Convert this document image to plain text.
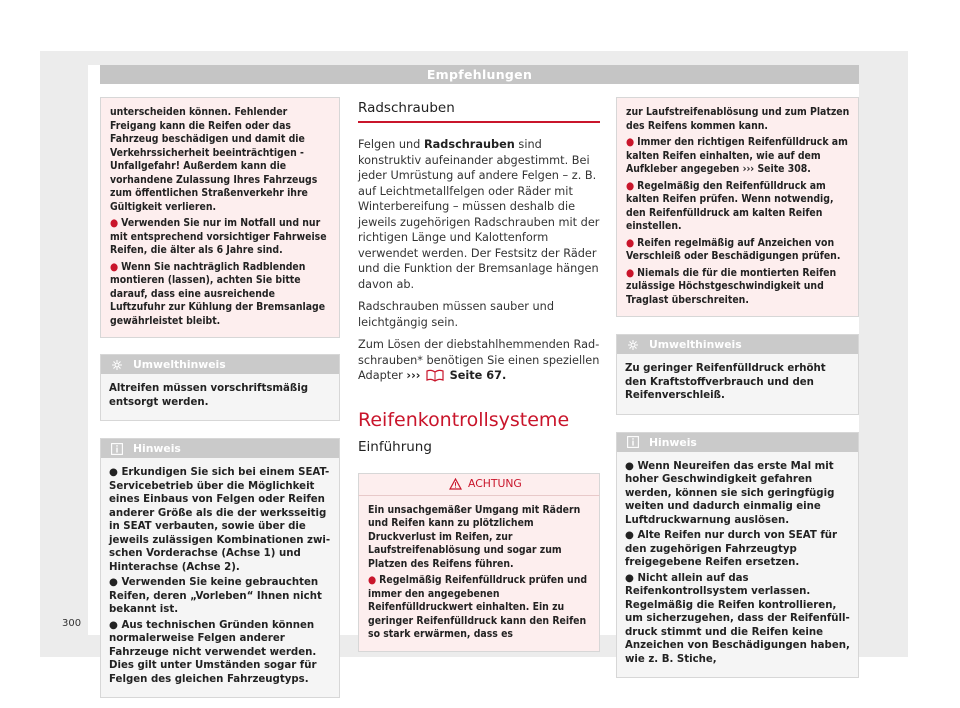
Empfehlungen

unterscheiden können. Fehlender Freigang kann die Reifen oder das Fahrzeug beschädigen und damit die Verkehrssicherheit beeinträchtigen - Unfallgefahr! Außerdem kann die vorhandene Zulassung Ihres Fahrzeugs zum öffentlichen Straßenverkehr ihre Gültigkeit verlieren.

● Verwenden Sie nur im Notfall und nur mit entsprechend vorsichtiger Fahrweise Reifen, die älter als 6 Jahre sind.

● Wenn Sie nachträglich Radblenden montieren (lassen), achten Sie bitte darauf, dass eine ausreichende Luftzufuhr zur Kühlung der Bremsanlage gewährleistet bleibt.

Umwelthinweis

Altreifen müssen vorschriftsmäßig entsorgt werden.

Hinweis

● Erkundigen Sie sich bei einem SEAT-Servicebetrieb über die Möglichkeit eines Einbaus von Felgen oder Reifen anderer Größe als die der werksseitig in SEAT verbauten, sowie über die jeweils zulässigen Kombinationen zwischen Vorderachse (Achse 1) und Hinterachse (Achse 2).

● Verwenden Sie keine gebrauchten Reifen, deren „Vorleben“ Ihnen nicht bekannt ist.

● Aus technischen Gründen können normalerweise Felgen anderer Fahrzeuge nicht verwendet werden. Dies gilt unter Umständen sogar für Felgen des gleichen Fahrzeugtyps.

Radschrauben

Felgen und Radschrauben sind konstruktiv aufeinander abgestimmt. Bei jeder Umrüstung auf andere Felgen – z. B. auf Leichtmetallfelgen oder Räder mit Winterbereifung – müssen deshalb die jeweils zugehörigen Radschrauben mit der richtigen Länge und Kalottenform verwendet werden. Der Festsitz der Räder und die Funktion der Bremsanlage hängen davon ab.

Radschrauben müssen sauber und leichtgängig sein.

Zum Lösen der diebstahlhemmenden Radschrauben* benötigen Sie einen speziellen Adapter ›››	Seite 67.

Reifenkontrollsysteme
Einführung
ACHTUNG

Ein unsachgemäßer Umgang mit Rädern und Reifen kann zu plötzlichem Druckverlust im Reifen, zur Laufstreifenablösung und sogar zum Platzen des Reifens führen.

● Regelmäßig Reifenfülldruck prüfen und immer den angegebenen Reifenfülldruckwert einhalten. Ein zu geringer Reifenfülldruck kann den Reifen so stark erwärmen, dass es

zur Laufstreifenablösung und zum Platzen des Reifens kommen kann.

● Immer den richtigen Reifenfülldruck am kalten Reifen einhalten, wie auf dem Aufkleber angegeben ››› Seite 308.

● Regelmäßig den Reifenfülldruck am kalten Reifen prüfen. Wenn notwendig, den Reifenfülldruck am kalten Reifen einstellen.

● Reifen regelmäßig auf Anzeichen von Verschleiß oder Beschädigungen prüfen.

● Niemals die für die montierten Reifen zulässige Höchstgeschwindigkeit und Traglast überschreiten.

Umwelthinweis

Zu geringer Reifenfülldruck erhöht den Kraftstoffverbrauch und den Reifenverschleiß.

Hinweis

● Wenn Neureifen das erste Mal mit hoher Geschwindigkeit gefahren werden, können sie sich geringfügig weiten und dadurch einmalig eine Luftdruckwarnung auslösen.

● Alte Reifen nur durch von SEAT für den zugehörigen Fahrzeugtyp freigegebene Reifen ersetzen.

● Nicht allein auf das Reifenkontrollsystem verlassen. Regelmäßig die Reifen kontrollieren, um sicherzugehen, dass der Reifenfülldruck stimmt und die Reifen keine Anzeichen von Beschädigungen haben, wie z. B. Stiche,

300
